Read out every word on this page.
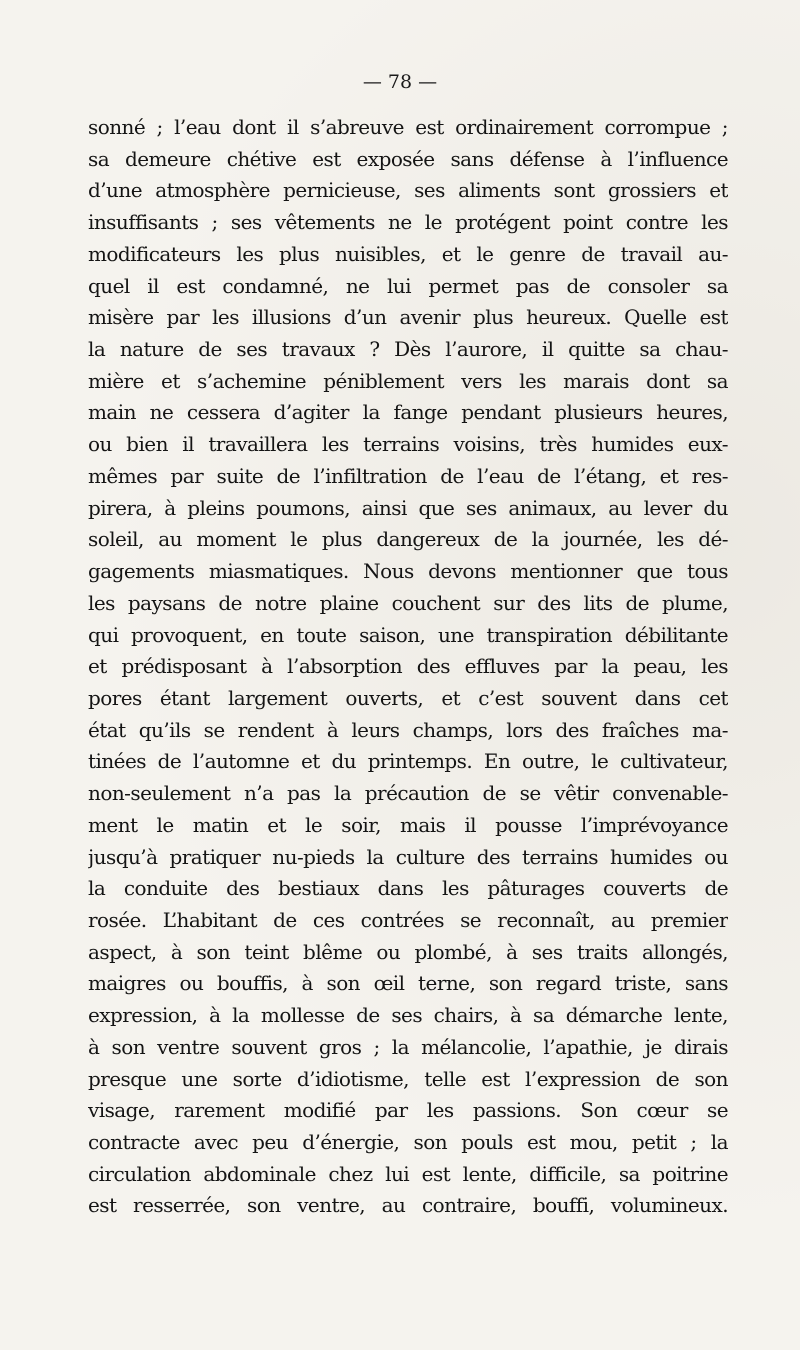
— 78 —
sonné ; l’eau dont il s’abreuve est ordinairement corrompue ;
sa demeure chétive est exposée sans défense à l’influence
d’une atmosphère pernicieuse, ses aliments sont grossiers et
insuffisants ; ses vêtements ne le protégent point contre les
modificateurs les plus nuisibles, et le genre de travail au-
quel il est condamné, ne lui permet pas de consoler sa
misère par les illusions d’un avenir plus heureux. Quelle est
la nature de ses travaux ? Dès l’aurore, il quitte sa chau-
mière et s’achemine péniblement vers les marais dont sa
main ne cessera d’agiter la fange pendant plusieurs heures,
ou bien il travaillera les terrains voisins, très humides eux-
mêmes par suite de l’infiltration de l’eau de l’étang, et res-
pirera, à pleins poumons, ainsi que ses animaux, au lever du
soleil, au moment le plus dangereux de la journée, les dé-
gagements miasmatiques. Nous devons mentionner que tous
les paysans de notre plaine couchent sur des lits de plume,
qui provoquent, en toute saison, une transpiration débilitante
et prédisposant à l’absorption des effluves par la peau, les
pores étant largement ouverts, et c’est souvent dans cet
état qu’ils se rendent à leurs champs, lors des fraîches ma-
tinées de l’automne et du printemps. En outre, le cultivateur,
non-seulement n’a pas la précaution de se vêtir convenable-
ment le matin et le soir, mais il pousse l’imprévoyance
jusqu’à pratiquer nu-pieds la culture des terrains humides ou
la conduite des bestiaux dans les pâturages couverts de
rosée. L’habitant de ces contrées se reconnaît, au premier
aspect, à son teint blême ou plombé, à ses traits allongés,
maigres ou bouffis, à son œil terne, son regard triste, sans
expression, à la mollesse de ses chairs, à sa démarche lente,
à son ventre souvent gros ; la mélancolie, l’apathie, je dirais
presque une sorte d’idiotisme, telle est l’expression de son
visage, rarement modifié par les passions. Son cœur se
contracte avec peu d’énergie, son pouls est mou, petit ; la
circulation abdominale chez lui est lente, difficile, sa poitrine
est resserrée, son ventre, au contraire, bouffi, volumineux.
